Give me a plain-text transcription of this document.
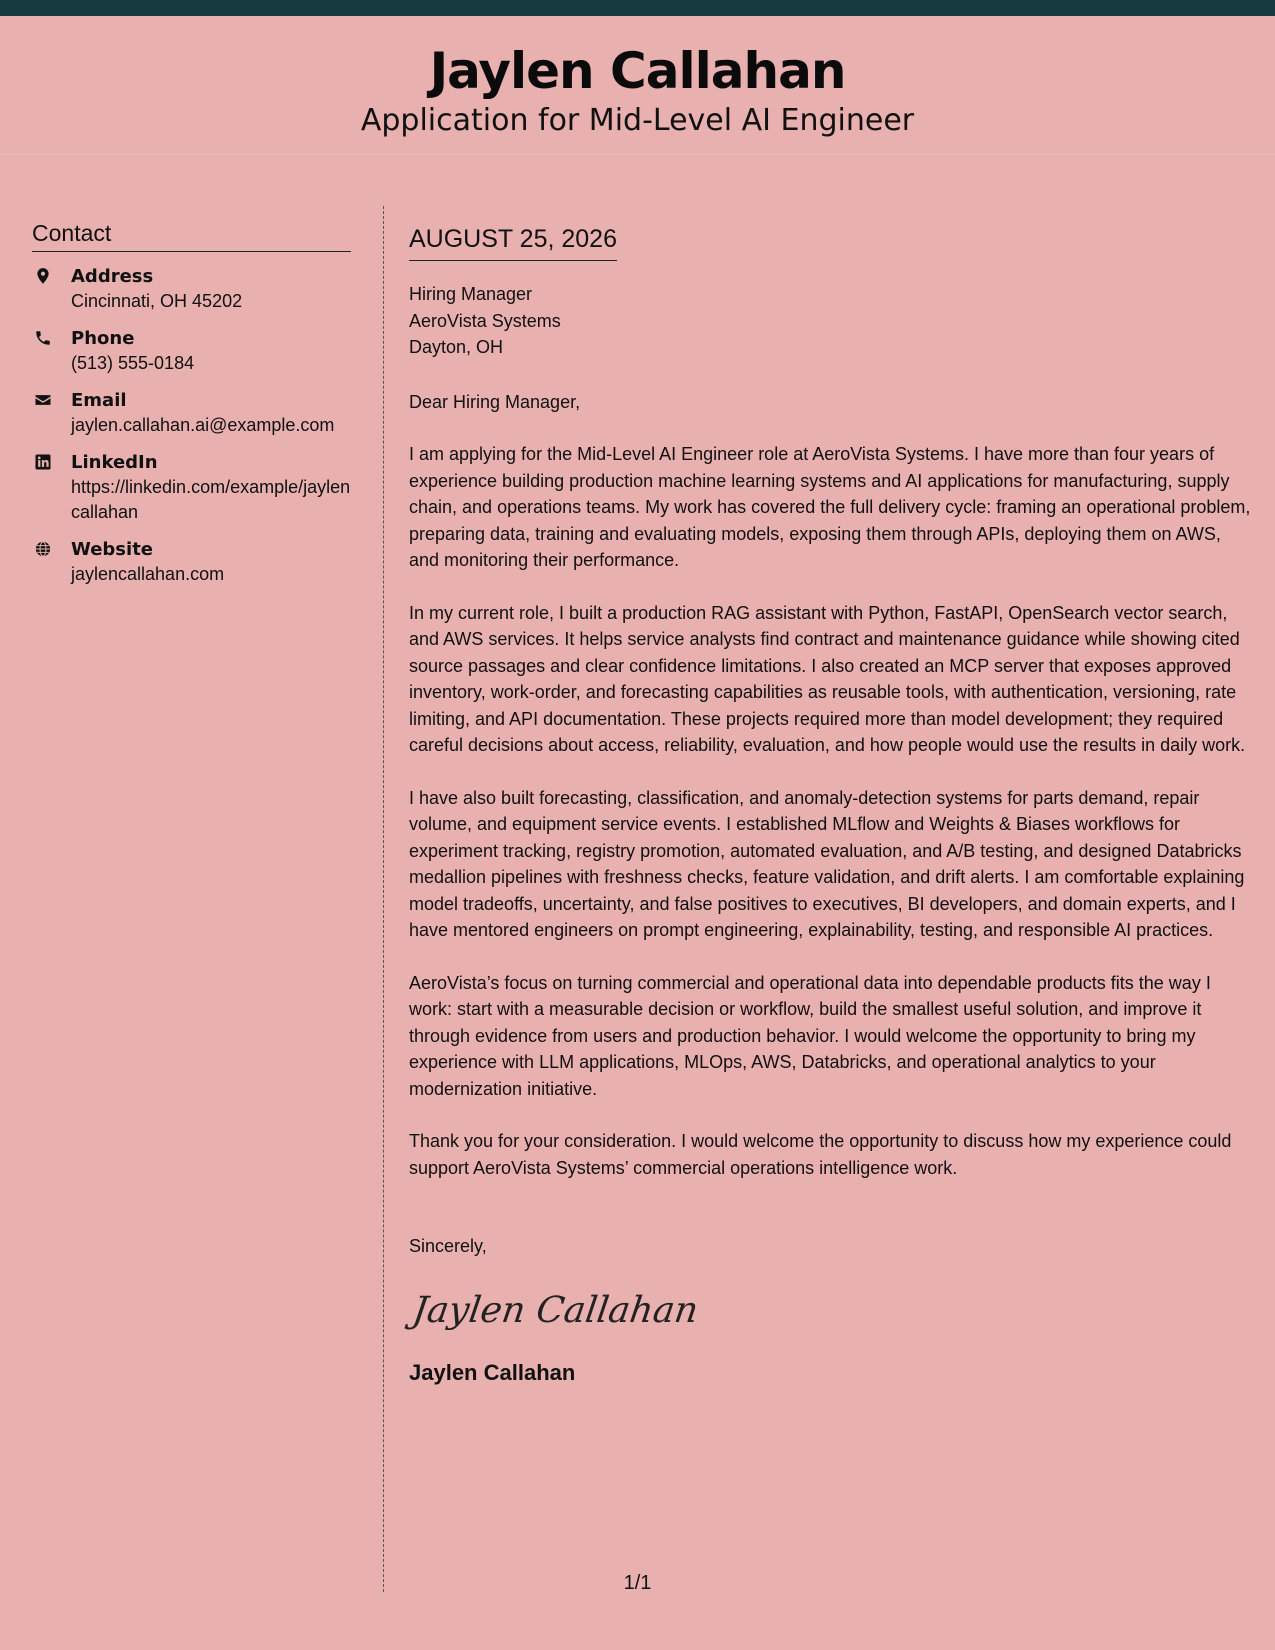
Jaylen Callahan
Application for Mid-Level AI Engineer
Contact
Address
Cincinnati, OH 45202
Phone
(513) 555-0184
Email
jaylen.callahan.ai@example.com
LinkedIn
https://linkedin.com/example/jaylencallahan
Website
jaylencallahan.com
AUGUST 25, 2026

Hiring Manager

AeroVista Systems

Dayton, OH

Dear Hiring Manager,

I am applying for the Mid-Level AI Engineer role at AeroVista Systems. I have more than four years of experience building production machine learning systems and AI applications for manufacturing, supply chain, and operations teams. My work has covered the full delivery cycle: framing an operational problem, preparing data, training and evaluating models, exposing them through APIs, deploying them on AWS, and monitoring their performance.

In my current role, I built a production RAG assistant with Python, FastAPI, OpenSearch vector search, and AWS services. It helps service analysts find contract and maintenance guidance while showing cited source passages and clear confidence limitations. I also created an MCP server that exposes approved inventory, work-order, and forecasting capabilities as reusable tools, with authentication, versioning, rate limiting, and API documentation. These projects required more than model development; they required careful decisions about access, reliability, evaluation, and how people would use the results in daily work.

I have also built forecasting, classification, and anomaly-detection systems for parts demand, repair volume, and equipment service events. I established MLflow and Weights & Biases workflows for experiment tracking, registry promotion, automated evaluation, and A/B testing, and designed Databricks medallion pipelines with freshness checks, feature validation, and drift alerts. I am comfortable explaining model tradeoffs, uncertainty, and false positives to executives, BI developers, and domain experts, and I have mentored engineers on prompt engineering, explainability, testing, and responsible AI practices.

AeroVista’s focus on turning commercial and operational data into dependable products fits the way I work: start with a measurable decision or workflow, build the smallest useful solution, and improve it through evidence from users and production behavior. I would welcome the opportunity to bring my experience with LLM applications, MLOps, AWS, Databricks, and operational analytics to your modernization initiative.

Thank you for your consideration. I would welcome the opportunity to discuss how my experience could support AeroVista Systems’ commercial operations intelligence work.

Sincerely,

Jaylen Callahan
Jaylen Callahan
1/1
